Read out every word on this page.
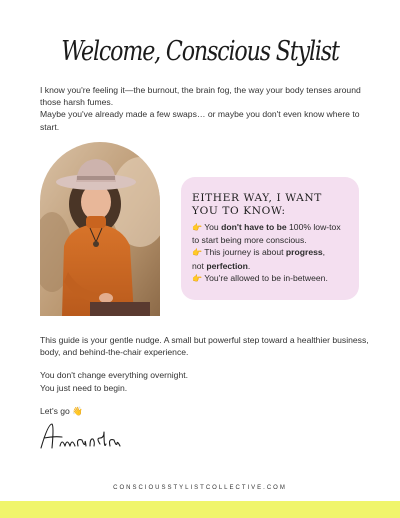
Welcome, Conscious Stylist

I know you're feeling it—the burnout, the brain fog, the way your body tenses around those harsh fumes.

Maybe you've already made a few swaps… or maybe you don't even know where to start.

EITHER WAY, I WANT
YOU TO KNOW:

👉 You don't have to be 100% low-tox to start being more conscious.

👉 This journey is about progress,
not perfection.

👉 You're allowed to be in-between.

This guide is your gentle nudge. A small but powerful step toward a healthier business, body, and behind-the-chair experience.

You don't change everything overnight.
You just need to begin.

Let's go 👋
CONSCIOUSSTYLISTCOLLECTIVE.COM
